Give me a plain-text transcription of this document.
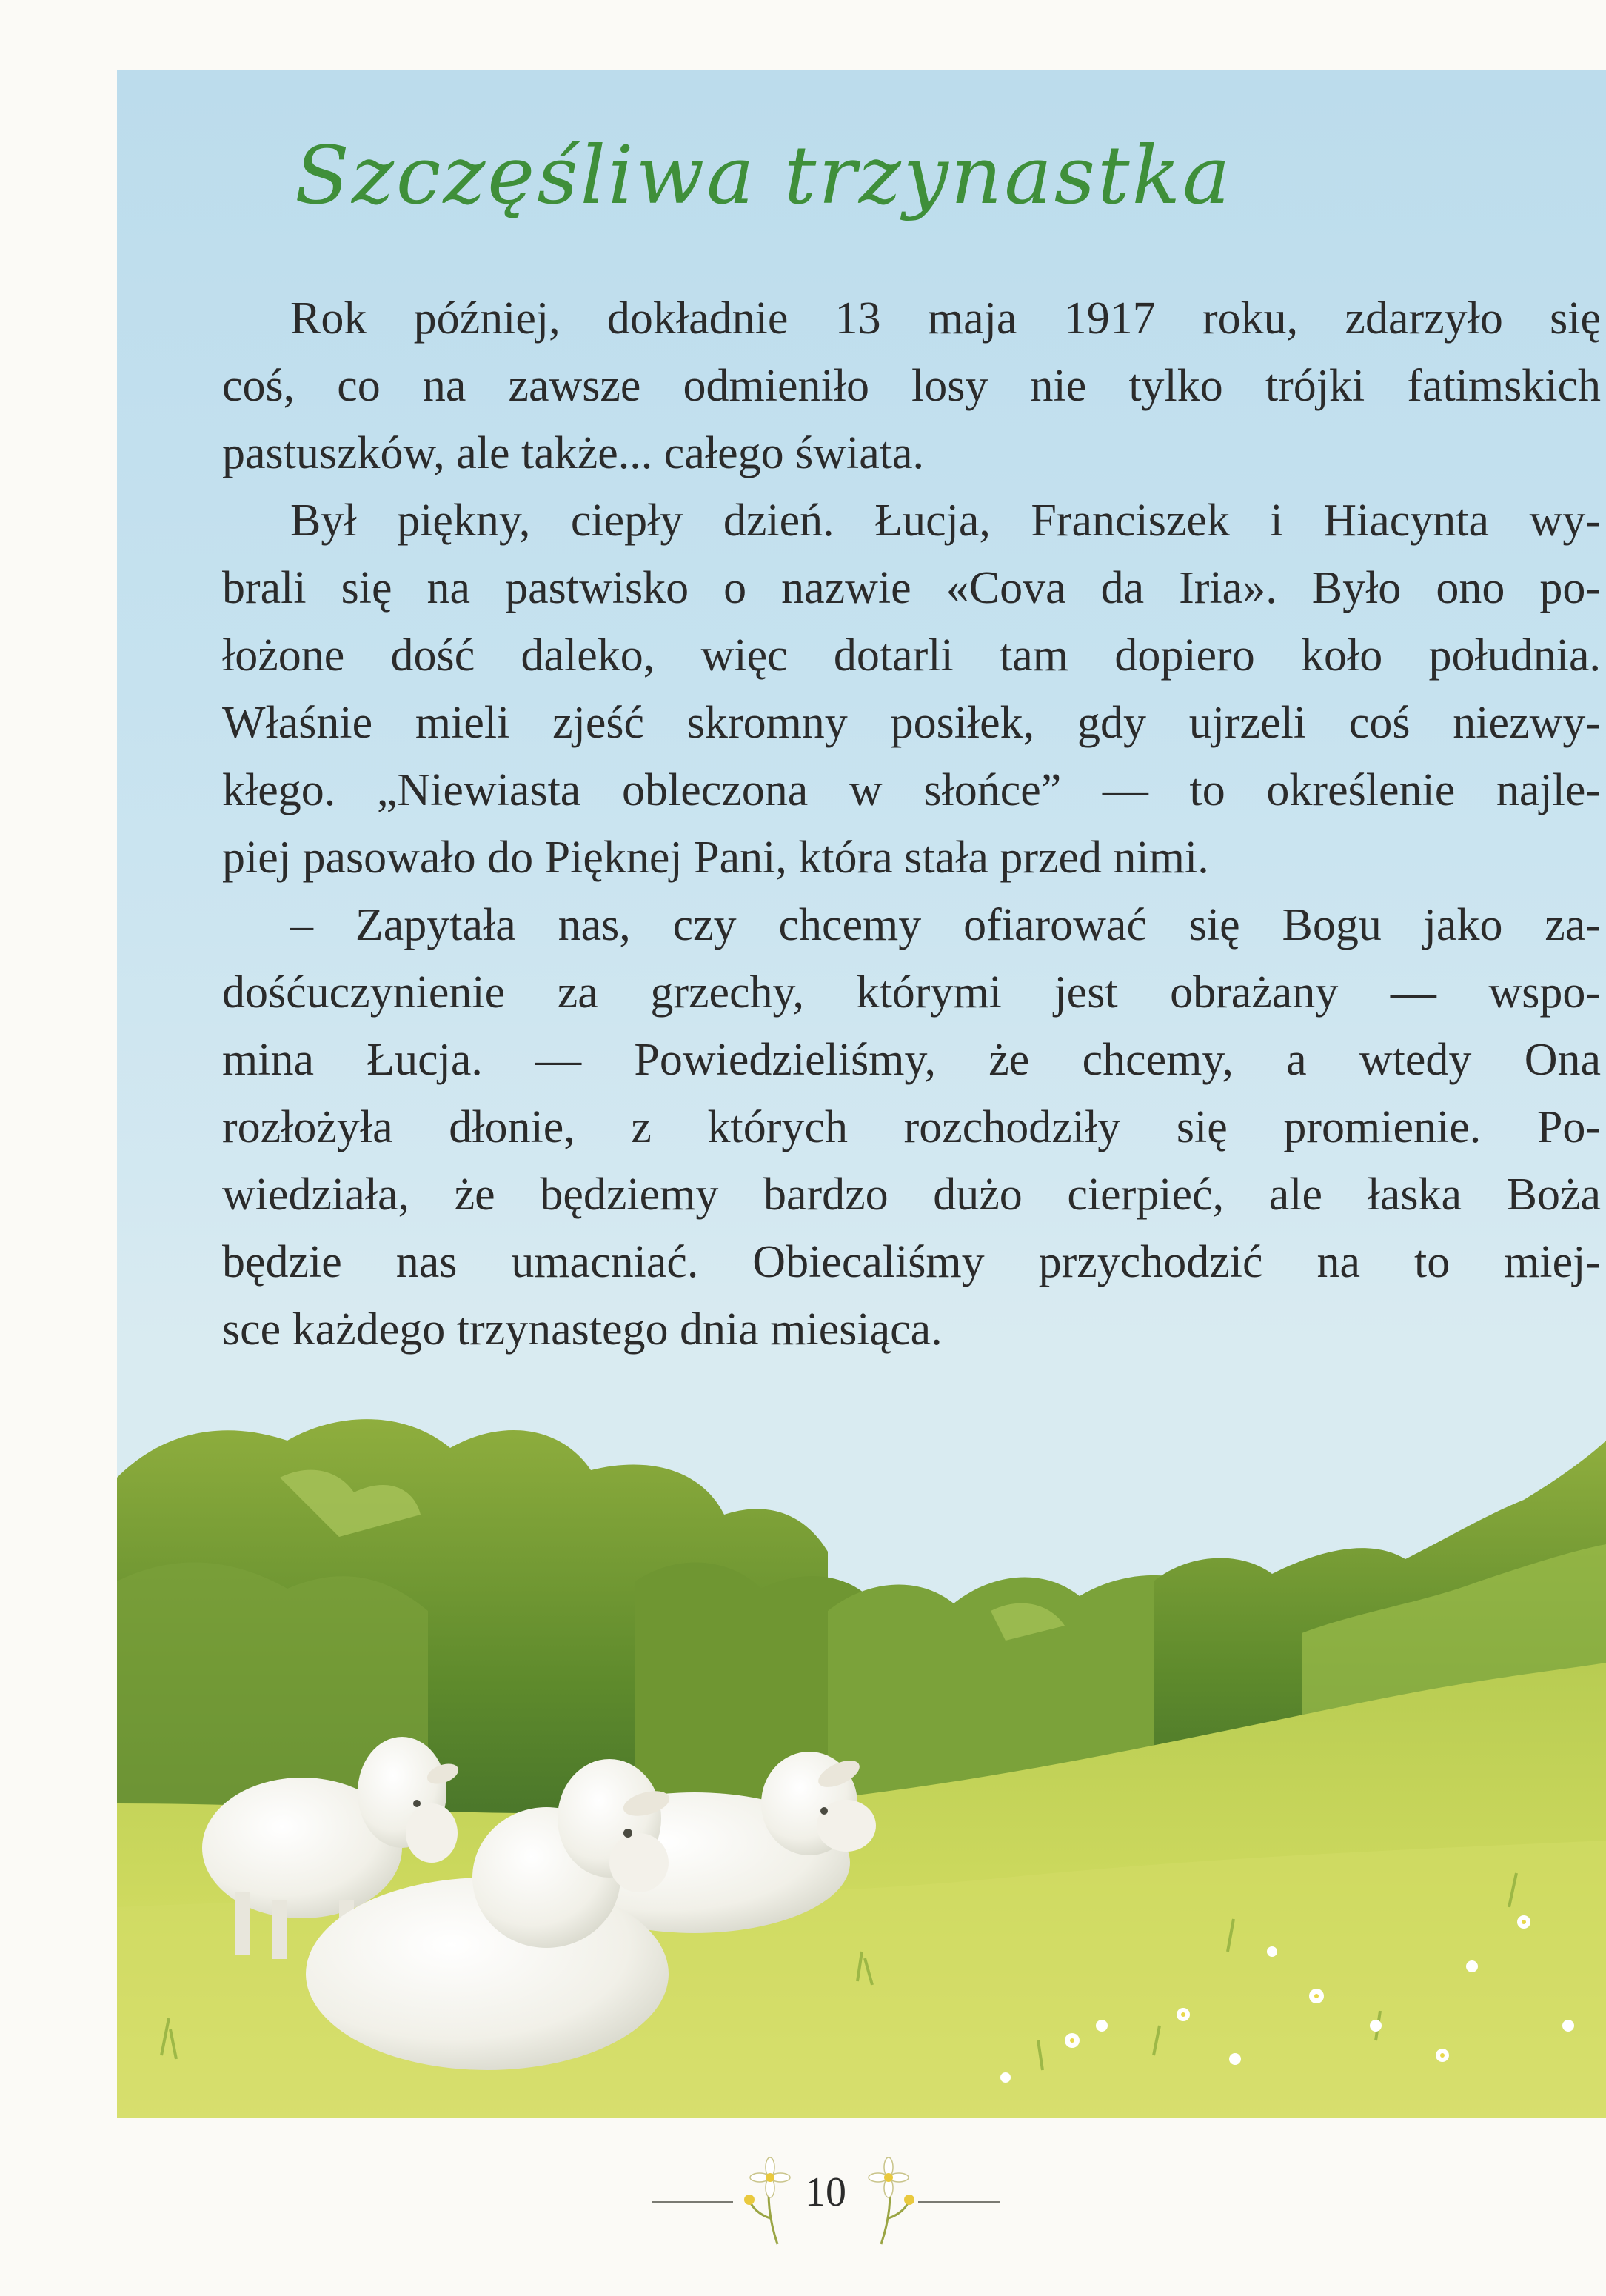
Szczęśliwa trzynastka

Rok później, dokładnie 13 maja 1917 roku, zdarzyło się
coś, co na zawsze odmieniło losy nie tylko trójki fatimskich
pastuszków, ale także... całego świata.

Był piękny, ciepły dzień. Łucja, Franciszek i Hiacynta wy-
brali się na pastwisko o nazwie «Cova da Iria». Było ono po-
łożone dość daleko, więc dotarli tam dopiero koło południa.
Właśnie mieli zjeść skromny posiłek, gdy ujrzeli coś niezwy-
kłego. „Niewiasta obleczona w słońce” — to określenie najle-
piej pasowało do Pięknej Pani, która stała przed nimi.

– Zapytała nas, czy chcemy ofiarować się Bogu jako za-
dośćuczynienie za grzechy, którymi jest obrażany — wspo-
mina Łucja. — Powiedzieliśmy, że chcemy, a wtedy Ona
rozłożyła dłonie, z których rozchodziły się promienie. Po-
wiedziała, że będziemy bardzo dużo cierpieć, ale łaska Boża
będzie nas umacniać. Obiecaliśmy przychodzić na to miej-
sce każdego trzynastego dnia miesiąca.

10
